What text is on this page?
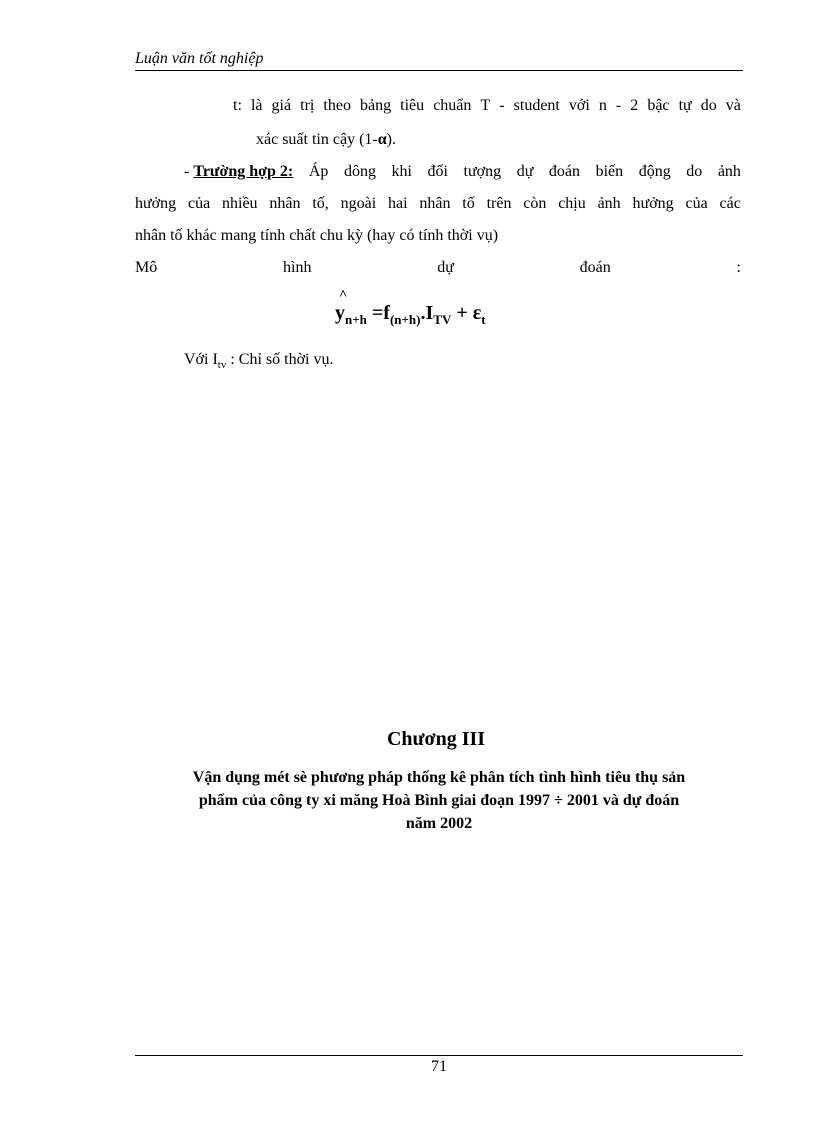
Luận văn tốt nghiệp
t: là giá trị theo bảng tiêu chuẩn T - student với n - 2 bậc tự do và
xác suất tin cậy (1-α).
- Trường hợp 2: Áp dông khi đối tượng dự đoán biến động do ảnh
hưởng của nhiều nhân tố, ngoài hai nhân tố trên còn chịu ảnh hưởng của các
nhân tố khác mang tính chất chu kỳ (hay có tính thời vụ)
Mô	hình	dự	đoán	:
^
$y_{n+h} =f_{(n+h)}.I_{TV} + \varepsilon_t$
Với $I_{tv}$ : Chỉ số thời vụ.
Chương III
Vận dụng mét sè phương pháp thống kê phân tích tình hình tiêu thụ sản
phẩm của công ty xi măng Hoà Bình giai đoạn 1997 ÷ 2001 và dự đoán
năm 2002
71
